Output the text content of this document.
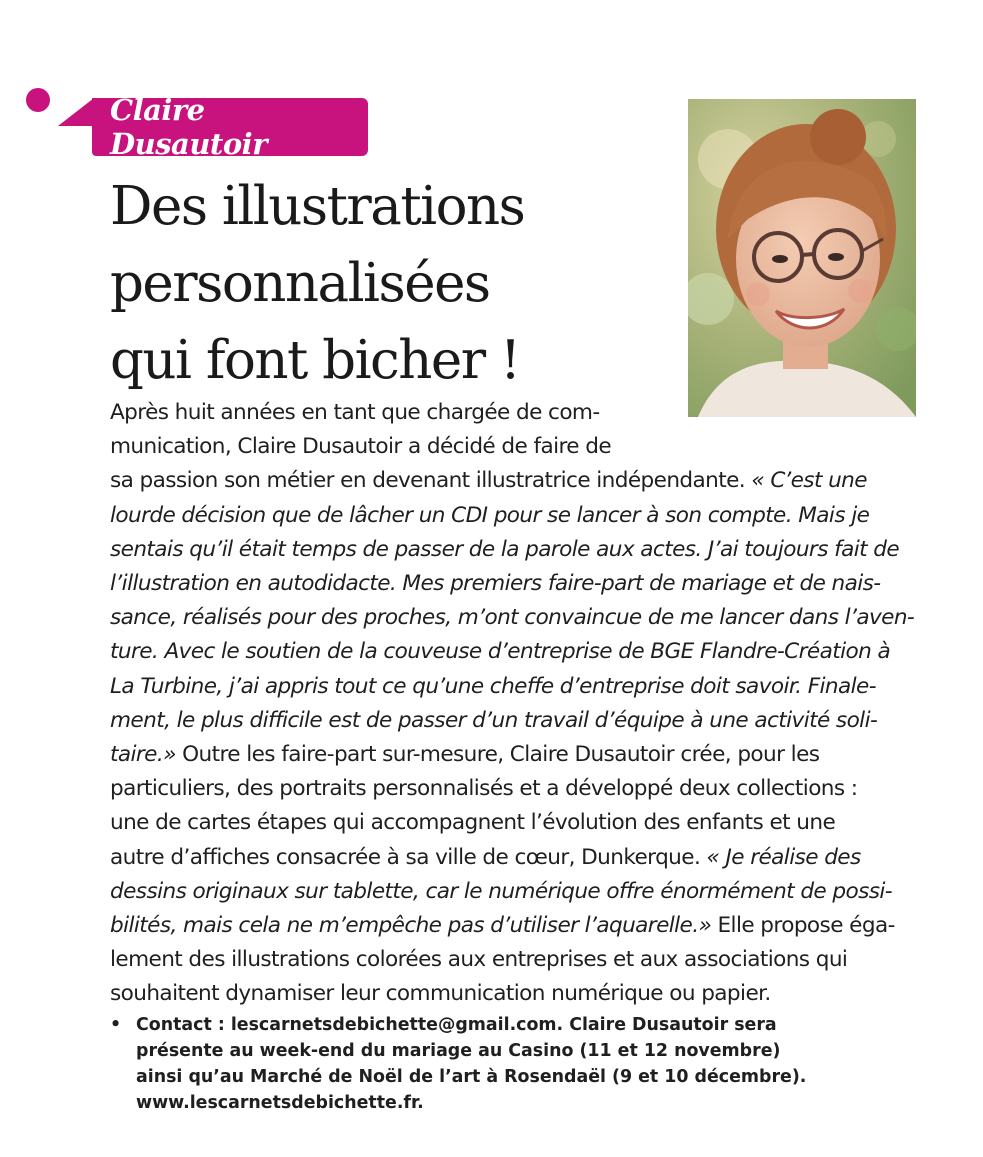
Claire Dusautoir
Des illustrations
personnalisées
qui font bicher !
Après huit années en tant que chargée de com-
munication, Claire Dusautoir a décidé de faire de
sa passion son métier en devenant illustratrice indépendante. « C’est une
lourde décision que de lâcher un CDI pour se lancer à son compte. Mais je
sentais qu’il était temps de passer de la parole aux actes. J’ai toujours fait de
l’illustration en autodidacte. Mes premiers faire-part de mariage et de nais-
sance, réalisés pour des proches, m’ont convaincue de me lancer dans l’aven-
ture. Avec le soutien de la couveuse d’entreprise de BGE Flandre-Création à
La Turbine, j’ai appris tout ce qu’une cheffe d’entreprise doit savoir. Finale-
ment, le plus difficile est de passer d’un travail d’équipe à une activité soli-
taire.» Outre les faire-part sur-mesure, Claire Dusautoir crée, pour les
particuliers, des portraits personnalisés et a développé deux collections :
une de cartes étapes qui accompagnent l’évolution des enfants et une
autre d’affiches consacrée à sa ville de cœur, Dunkerque. « Je réalise des
dessins originaux sur tablette, car le numérique offre énormément de possi-
bilités, mais cela ne m’empêche pas d’utiliser l’aquarelle.» Elle propose éga-
lement des illustrations colorées aux entreprises et aux associations qui
souhaitent dynamiser leur communication numérique ou papier.
• Contact : lescarnetsdebichette@gmail.com. Claire Dusautoir sera
présente au week-end du mariage au Casino (11 et 12 novembre)
ainsi qu’au Marché de Noël de l’art à Rosendaël (9 et 10 décembre).
www.lescarnetsdebichette.fr.
